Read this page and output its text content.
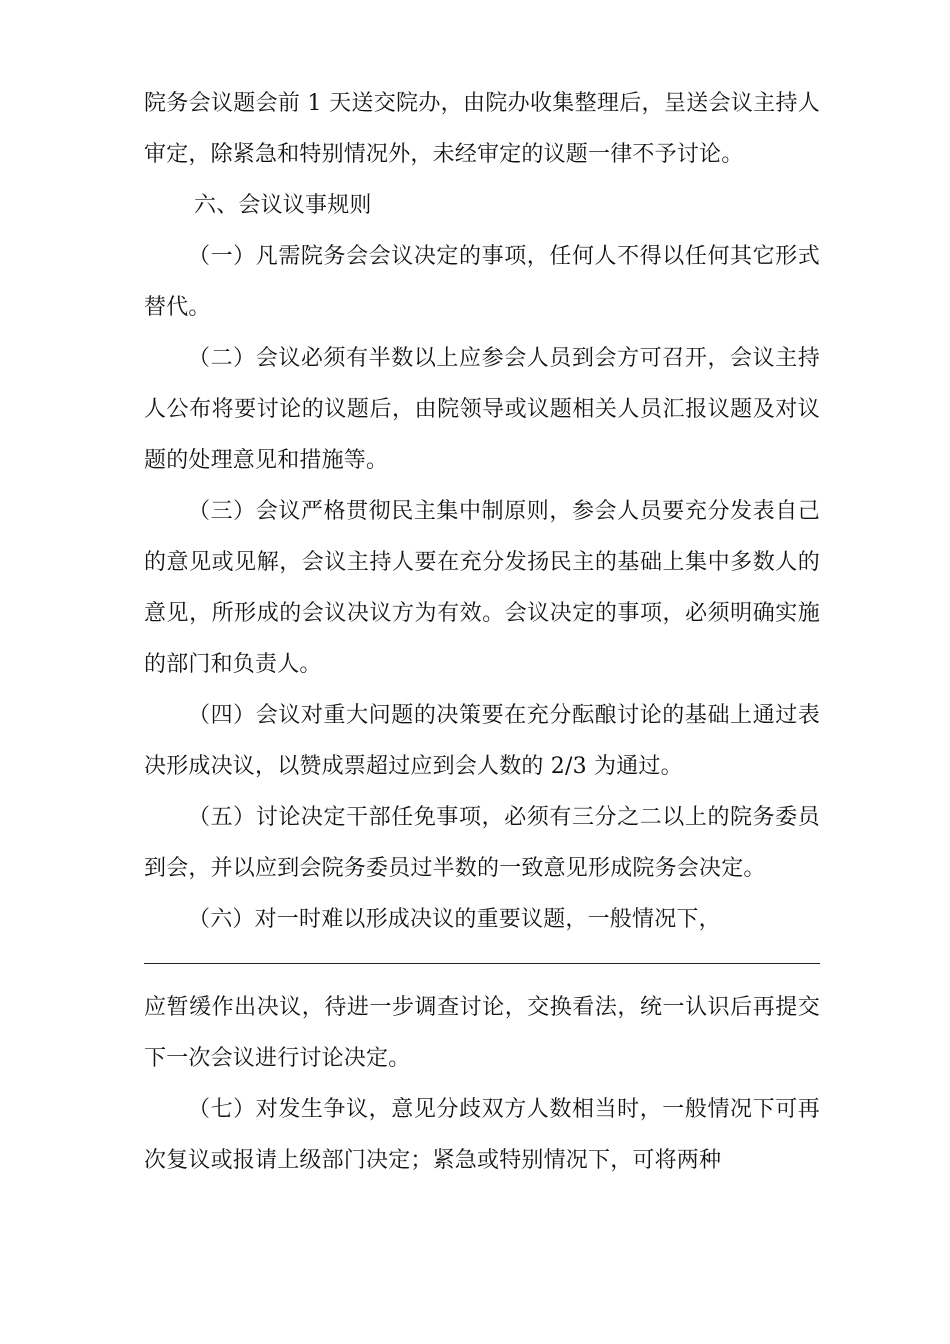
院务会议题会前 1 天送交院办，由院办收集整理后，呈送会议主持人审定，除紧急和特别情况外，未经审定的议题一律不予讨论。

六、会议议事规则

（一）凡需院务会会议决定的事项，任何人不得以任何其它形式替代。

（二）会议必须有半数以上应参会人员到会方可召开，会议主持人公布将要讨论的议题后，由院领导或议题相关人员汇报议题及对议题的处理意见和措施等。

（三）会议严格贯彻民主集中制原则，参会人员要充分发表自己的意见或见解，会议主持人要在充分发扬民主的基础上集中多数人的意见，所形成的会议决议方为有效。会议决定的事项，必须明确实施的部门和负责人。

（四）会议对重大问题的决策要在充分酝酿讨论的基础上通过表决形成决议，以赞成票超过应到会人数的 2/3 为通过。

（五）讨论决定干部任免事项，必须有三分之二以上的院务委员到会，并以应到会院务委员过半数的一致意见形成院务会决定。

（六）对一时难以形成决议的重要议题，一般情况下，

应暂缓作出决议，待进一步调查讨论，交换看法，统一认识后再提交下一次会议进行讨论决定。

（七）对发生争议，意见分歧双方人数相当时，一般情况下可再次复议或报请上级部门决定；紧急或特别情况下，可将两种
